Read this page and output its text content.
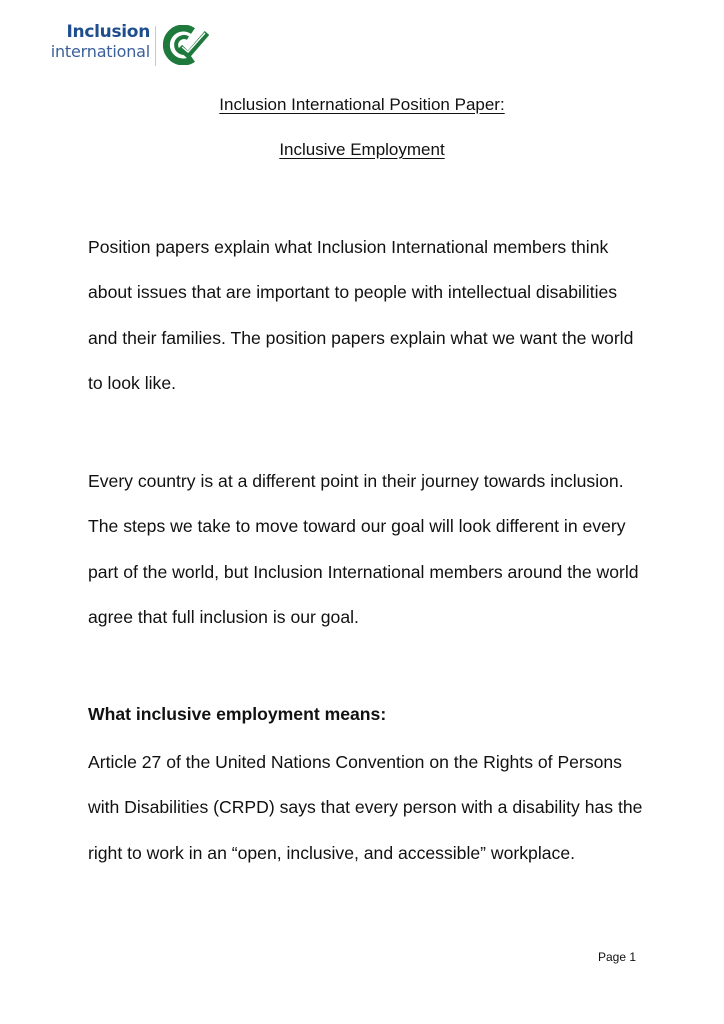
Inclusion
international
Inclusion International Position Paper:
Inclusive Employment

Position papers explain what Inclusion International members think about issues that are important to people with intellectual disabilities and their families. The position papers explain what we want the world to look like.

Every country is at a different point in their journey towards inclusion. The steps we take to move toward our goal will look different in every part of the world, but Inclusion International members around the world agree that full inclusion is our goal.

What inclusive employment means:

Article 27 of the United Nations Convention on the Rights of Persons with Disabilities (CRPD) says that every person with a disability has the right to work in an “open, inclusive, and accessible” workplace.

Page 1
